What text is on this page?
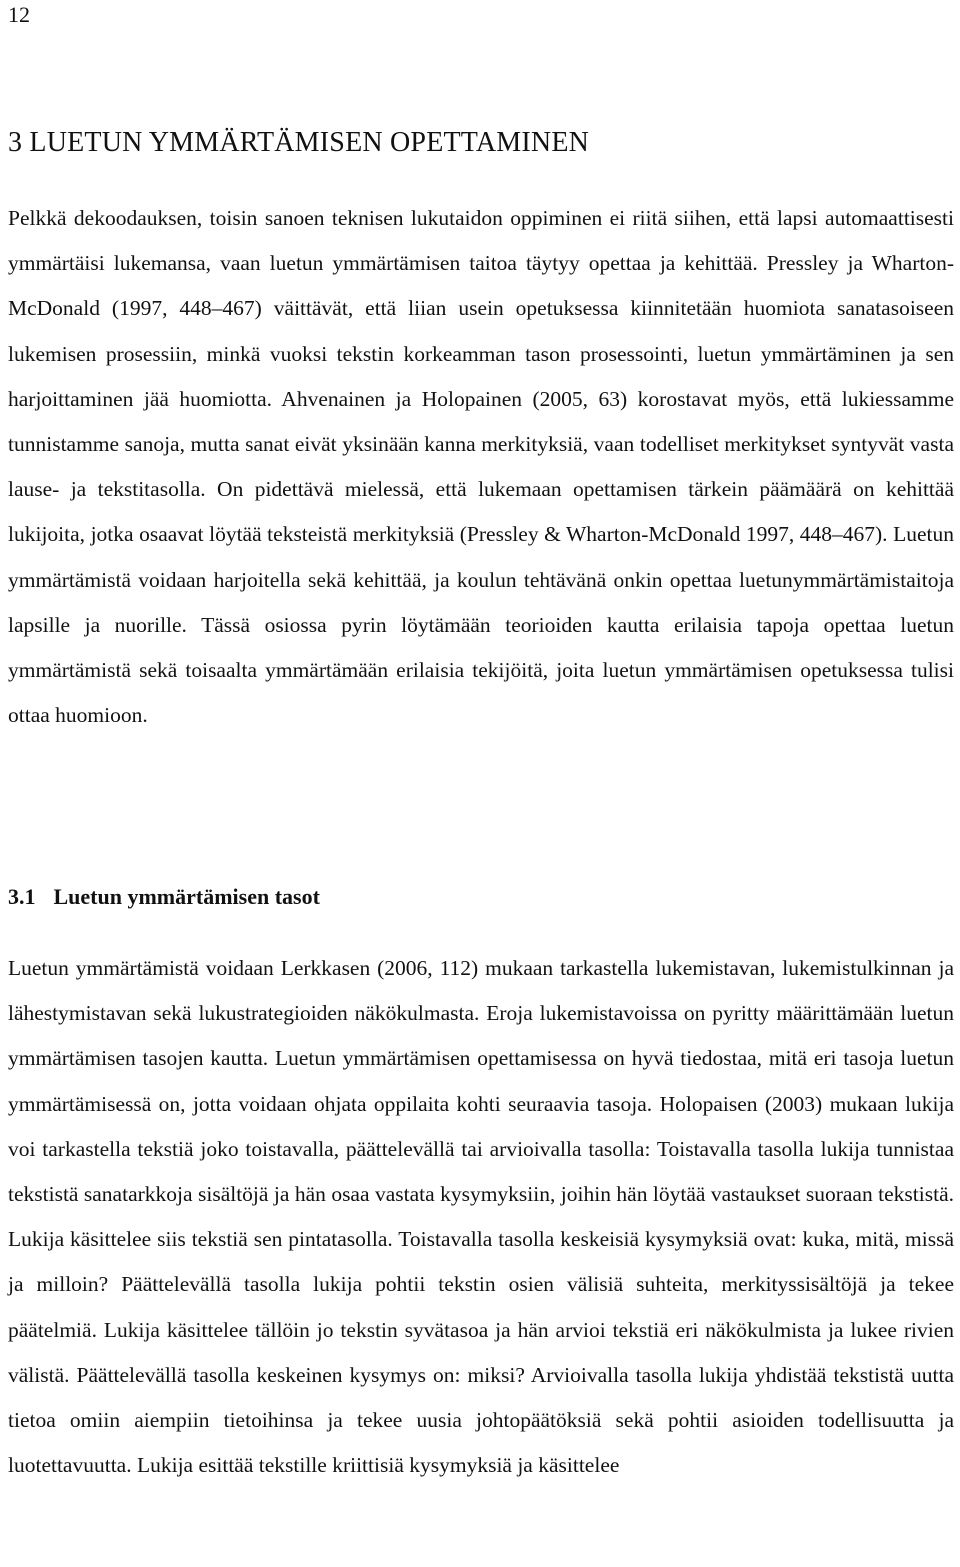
12
3 LUETUN YMMÄRTÄMISEN OPETTAMINEN

Pelkkä dekoodauksen, toisin sanoen teknisen lukutaidon oppiminen ei riitä siihen, että lapsi automaattisesti ymmärtäisi lukemansa, vaan luetun ymmärtämisen taitoa täytyy opettaa ja kehittää. Pressley ja Wharton-McDonald (1997, 448–467) väittävät, että liian usein opetuksessa kiinnitetään huomiota sanatasoiseen lukemisen prosessiin, minkä vuoksi tekstin korkeamman tason prosessointi, luetun ymmärtäminen ja sen harjoittaminen jää huomiotta. Ahvenainen ja Holopainen (2005, 63) korostavat myös, että lukiessamme tunnistamme sanoja, mutta sanat eivät yksinään kanna merkityksiä, vaan todelliset merkitykset syntyvät vasta lause- ja tekstitasolla. On pidettävä mielessä, että lukemaan opettamisen tärkein päämäärä on kehittää lukijoita, jotka osaavat löytää teksteistä merkityksiä (Pressley & Wharton-McDonald 1997, 448–467). Luetun ymmärtämistä voidaan harjoitella sekä kehittää, ja koulun tehtävänä onkin opettaa luetunymmärtämistaitoja lapsille ja nuorille. Tässä osiossa pyrin löytämään teorioiden kautta erilaisia tapoja opettaa luetun ymmärtämistä sekä toisaalta ymmärtämään erilaisia tekijöitä, joita luetun ymmärtämisen opetuksessa tulisi ottaa huomioon.

3.1 Luetun ymmärtämisen tasot

Luetun ymmärtämistä voidaan Lerkkasen (2006, 112) mukaan tarkastella lukemistavan, lukemistulkinnan ja lähestymistavan sekä lukustrategioiden näkökulmasta. Eroja lukemistavoissa on pyritty määrittämään luetun ymmärtämisen tasojen kautta. Luetun ymmärtämisen opettamisessa on hyvä tiedostaa, mitä eri tasoja luetun ymmärtämisessä on, jotta voidaan ohjata oppilaita kohti seuraavia tasoja. Holopaisen (2003) mukaan lukija voi tarkastella tekstiä joko toistavalla, päättelevällä tai arvioivalla tasolla: Toistavalla tasolla lukija tunnistaa tekstistä sanatarkkoja sisältöjä ja hän osaa vastata kysymyksiin, joihin hän löytää vastaukset suoraan tekstistä. Lukija käsittelee siis tekstiä sen pintatasolla. Toistavalla tasolla keskeisiä kysymyksiä ovat: kuka, mitä, missä ja milloin? Päättelevällä tasolla lukija pohtii tekstin osien välisiä suhteita, merkityssisältöjä ja tekee päätelmiä. Lukija käsittelee tällöin jo tekstin syvätasoa ja hän arvioi tekstiä eri näkökulmista ja lukee rivien välistä. Päättelevällä tasolla keskeinen kysymys on: miksi? Arvioivalla tasolla lukija yhdistää tekstistä uutta tietoa omiin aiempiin tietoihinsa ja tekee uusia johtopäätöksiä sekä pohtii asioiden todellisuutta ja luotettavuutta. Lukija esittää tekstille kriittisiä kysymyksiä ja käsittelee
